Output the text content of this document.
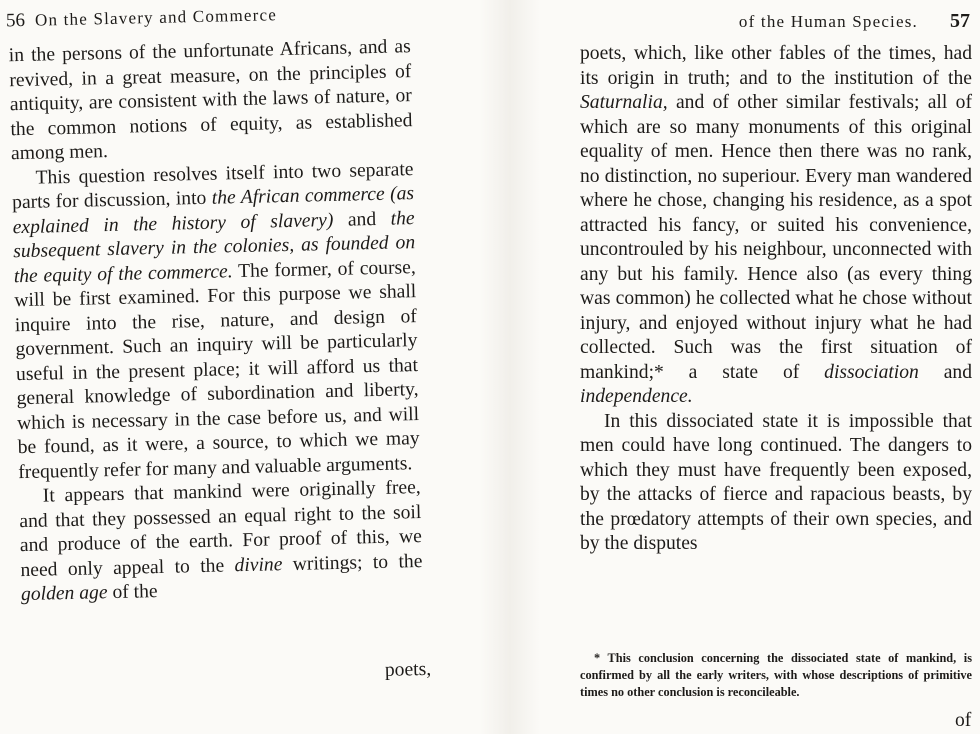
56 On the Slavery and Commerce

in the persons of the unfortunate Africans, and as revived, in a great measure, on the principles of antiquity, are consistent with the laws of nature, or the common notions of equity, as established among men.

This question resolves itself into two separate parts for discussion, into the African commerce (as explained in the history of slavery) and the subsequent slavery in the colonies, as founded on the equity of the commerce. The former, of course, will be first examined. For this purpose we shall inquire into the rise, nature, and design of government. Such an inquiry will be particularly useful in the present place; it will afford us that general knowledge of subordination and liberty, which is necessary in the case before us, and will be found, as it were, a source, to which we may frequently refer for many and valuable arguments.

It appears that mankind were originally free, and that they possessed an equal right to the soil and produce of the earth. For proof of this, we need only appeal to the divine writings; to the golden age of the

poets,
of the Human Species. 57

poets, which, like other fables of the times, had its origin in truth; and to the institution of the Saturnalia, and of other similar festivals; all of which are so many monuments of this original equality of men. Hence then there was no rank, no distinction, no superiour. Every man wandered where he chose, changing his residence, as a spot attracted his fancy, or suited his convenience, uncontrouled by his neighbour, unconnected with any but his family. Hence also (as every thing was common) he collected what he chose without injury, and enjoyed without injury what he had collected. Such was the first situation of mankind;* a state of dissociation and independence.

In this dissociated state it is impossible that men could have long continued. The dangers to which they must have frequently been exposed, by the attacks of fierce and rapacious beasts, by the prœdatory attempts of their own species, and by the disputes

* This conclusion concerning the dissociated state of mankind, is confirmed by all the early writers, with whose descriptions of primitive times no other conclusion is reconcileable.
of
